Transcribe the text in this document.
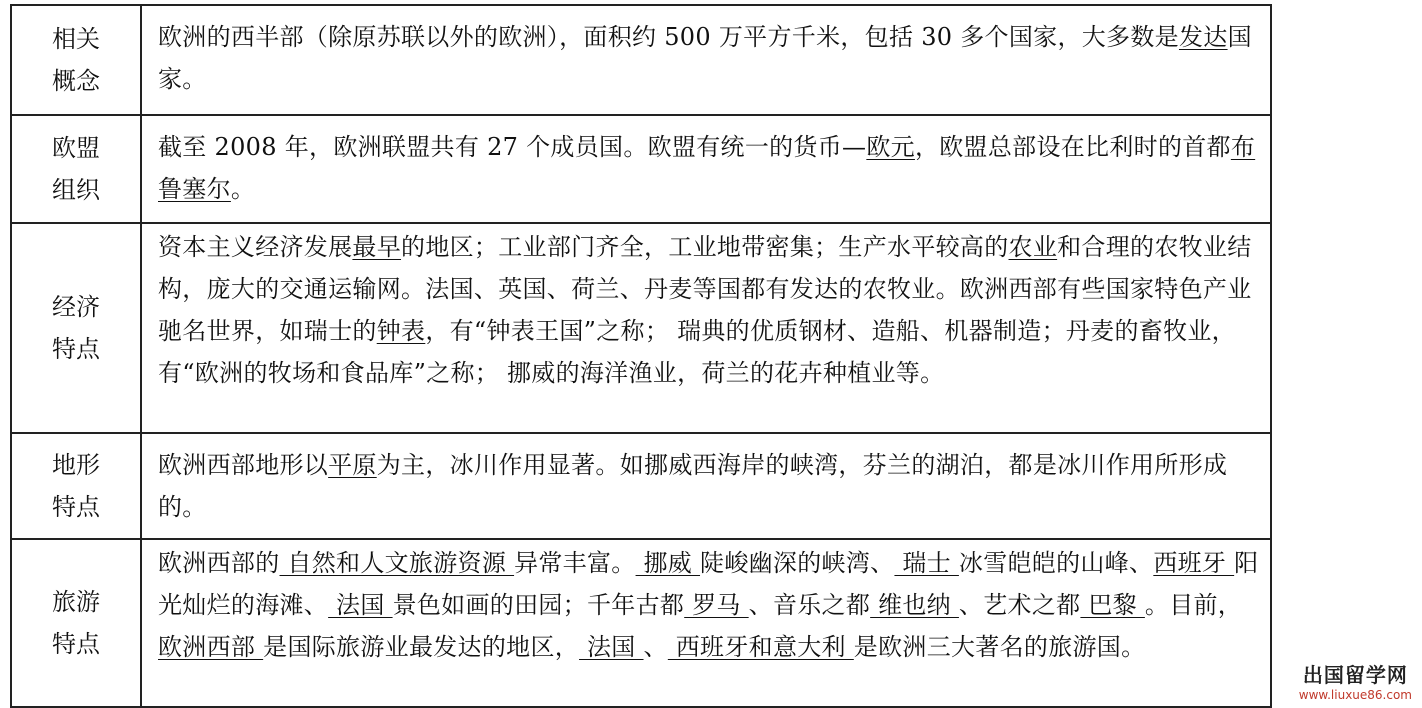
相关
概念
欧洲的西半部（除原苏联以外的欧洲），面积约 500 万平方千米，包括 30 多个国家，大多数是发达国家。
欧盟
组织
截至 2008 年，欧洲联盟共有 27 个成员国。欧盟有统一的货币—欧元，欧盟总部设在比利时的首都布鲁塞尔。
经济
特点
资本主义经济发展最早的地区；工业部门齐全，工业地带密集；生产水平较高的农业和合理的农牧业结构，庞大的交通运输网。法国、英国、荷兰、丹麦等国都有发达的农牧业。欧洲西部有些国家特色产业驰名世界，如瑞士的钟表，有“钟表王国”之称； 瑞典的优质钢材、造船、机器制造；丹麦的畜牧业，有“欧洲的牧场和食品库”之称； 挪威的海洋渔业，荷兰的花卉种植业等。
地形
特点
欧洲西部地形以平原为主，冰川作用显著。如挪威西海岸的峡湾，芬兰的湖泊，都是冰川作用所形成的。
旅游
特点
欧洲西部的 自然和人文旅游资源 异常丰富。 挪威 陡峻幽深的峡湾、 瑞士 冰雪皑皑的山峰、西班牙 阳光灿烂的海滩、 法国 景色如画的田园；千年古都 罗马 、音乐之都 维也纳 、艺术之都 巴黎 。目前， 欧洲西部 是国际旅游业最发达的地区， 法国 、 西班牙和意大利 是欧洲三大著名的旅游国。
出国留学网
www.liuxue86.com
